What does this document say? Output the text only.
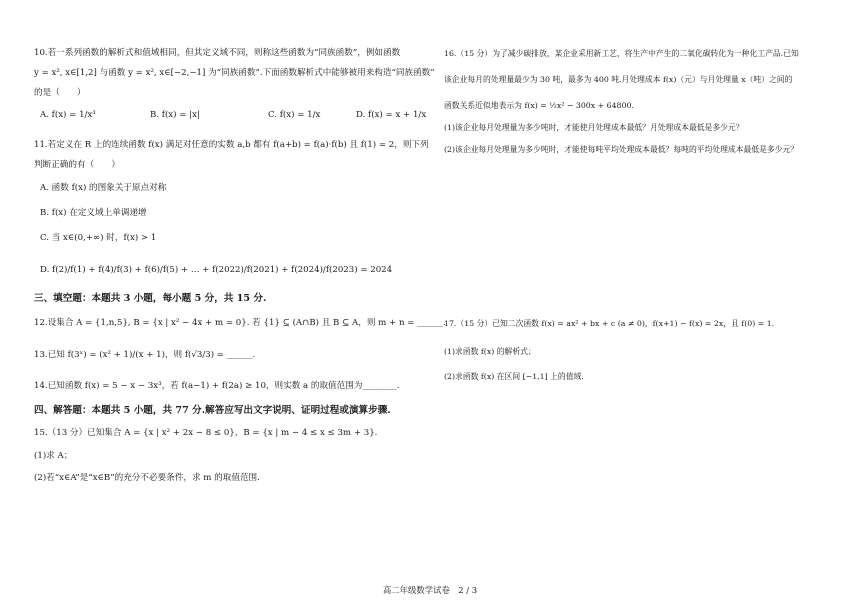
10.若一系列函数的解析式和值域相同，但其定义域不同，则称这些函数为“同族函数”，例如函数
y = x², x∈[1,2] 与函数 y = x², x∈[−2,−1] 为“同族函数”.下面函数解析式中能够被用来构造“同族函数”
的是（　　）
A. f(x) = 1/x³	B. f(x) = |x|	C. f(x) = 1/x	D. f(x) = x + 1/x
11.若定义在 R 上的连续函数 f(x) 满足对任意的实数 a,b 都有 f(a+b) = f(a)·f(b) 且 f(1) = 2，则下列
判断正确的有（　　）
A. 函数 f(x) 的图象关于原点对称
B. f(x) 在定义域上单调递增
C. 当 x∈(0,+∞) 时，f(x) > 1
D. f(2)/f(1) + f(4)/f(3) + f(6)/f(5) + … + f(2022)/f(2021) + f(2024)/f(2023) = 2024
三、填空题：本题共 3 小题，每小题 5 分，共 15 分.
12.设集合 A = {1,n,5}, B = {x | x² − 4x + m = 0}. 若 {1} ⊆ (A∩B) 且 B ⊆ A，则 m + n = ______.
13.已知 f(3ˣ) = (x² + 1)/(x + 1)，则 f(√3/3) = ______.
14.已知函数 f(x) = 5 − x − 3x³，若 f(a−1) + f(2a) ≥ 10，则实数 a 的取值范围为________.
四、解答题：本题共 5 小题，共 77 分.解答应写出文字说明、证明过程或演算步骤.
15.（13 分）已知集合 A = {x | x² + 2x − 8 ≤ 0}，B = {x | m − 4 ≤ x ≤ 3m + 3}.
(1)求 A；
(2)若“x∈A”是“x∈B”的充分不必要条件，求 m 的取值范围.
16.（15 分）为了减少碳排放，某企业采用新工艺，将生产中产生的二氧化碳转化为一种化工产品.已知
该企业每月的处理量最少为 30 吨，最多为 400 吨.月处理成本 f(x)（元）与月处理量 x（吨）之间的
函数关系近似地表示为 f(x) = ½x² − 300x + 64800.
(1)该企业每月处理量为多少吨时，才能使月处理成本最低？月处理成本最低是多少元？
(2)该企业每月处理量为多少吨时，才能使每吨平均处理成本最低？每吨的平均处理成本最低是多少元？
17.（15 分）已知二次函数 f(x) = ax² + bx + c (a ≠ 0)，f(x+1) − f(x) = 2x，且 f(0) = 1.
(1)求函数 f(x) 的解析式；
(2)求函数 f(x) 在区间 [−1,1] 上的值域.
高二年级数学试卷　2 / 3
